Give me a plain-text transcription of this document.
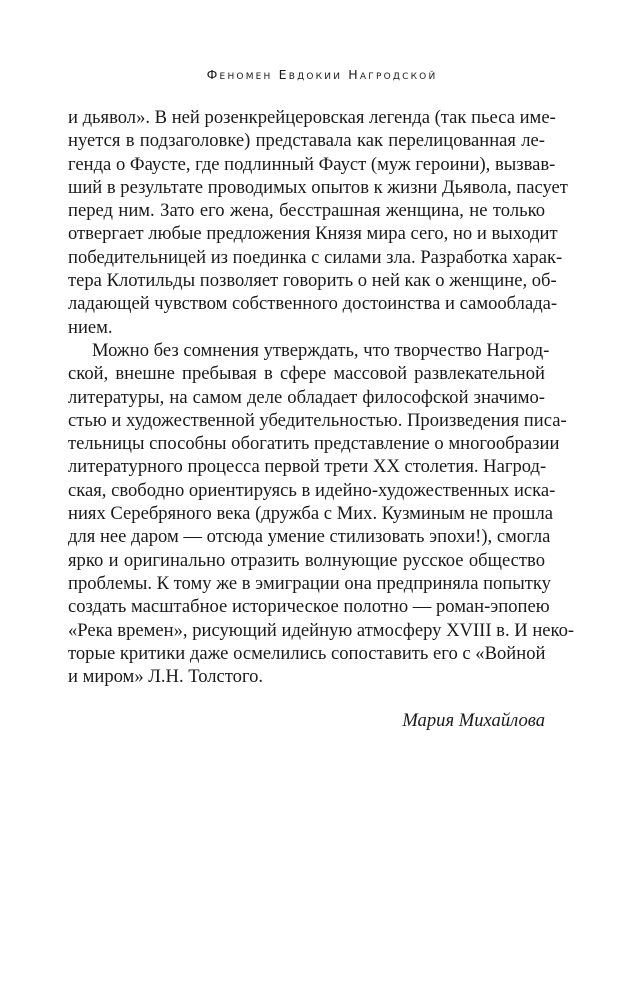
Феномен Евдокии Нагродской
и дьявол». В ней розенкрейцеровская легенда (так пьеса име-
нуется в подзаголовке) представала как перелицованная ле-
генда о Фаусте, где подлинный Фауст (муж героини), вызвав-
ший в результате проводимых опытов к жизни Дьявола, пасует
перед ним. Зато его жена, бесстрашная женщина, не только
отвергает любые предложения Князя мира сего, но и выходит
победительницей из поединка с силами зла. Разработка харак-
тера Клотильды позволяет говорить о ней как о женщине, об-
ладающей чувством собственного достоинства и самооблада-
нием.
Можно без сомнения утверждать, что творчество Нагрод-
ской, внешне пребывая в сфере массовой развлекательной
литературы, на самом деле обладает философской значимо-
стью и художественной убедительностью. Произведения писа-
тельницы способны обогатить представление о многообразии
литературного процесса первой трети XX столетия. Нагрод-
ская, свободно ориентируясь в идейно-художественных иска-
ниях Серебряного века (дружба с Мих. Кузминым не прошла
для нее даром — отсюда умение стилизовать эпохи!), смогла
ярко и оригинально отразить волнующие русское общество
проблемы. К тому же в эмиграции она предприняла попытку
создать масштабное историческое полотно — роман-эпопею
«Река времен», рисующий идейную атмосферу XVIII в. И неко-
торые критики даже осмелились сопоставить его с «Войной
и миром» Л.Н. Толстого.
Мария Михайлова
